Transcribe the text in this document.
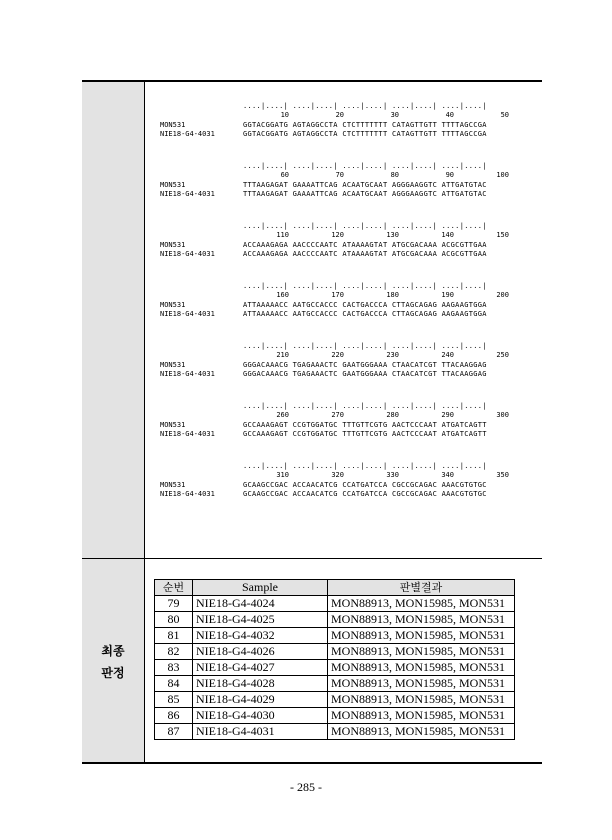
최종
판정
....|....| ....|....| ....|....| ....|....| ....|....|
10	20	30	40	50
MON531	GGTACGGATG AGTAGGCCTA CTCTTTTTTT CATAGTTGTT TTTTAGCCGA
NIE18-G4-4031	GGTACGGATG AGTAGGCCTA CTCTTTTTTT CATAGTTGTT TTTTAGCCGA
....|....| ....|....| ....|....| ....|....| ....|....|
60	70	80	90	100
MON531	TTTAAGAGAT GAAAATTCAG ACAATGCAAT AGGGAAGGTC ATTGATGTAC
NIE18-G4-4031	TTTAAGAGAT GAAAATTCAG ACAATGCAAT AGGGAAGGTC ATTGATGTAC
....|....| ....|....| ....|....| ....|....| ....|....|
110	120	130	140	150
MON531	ACCAAAGAGA AACCCCAATC ATAAAAGTAT ATGCGACAAA ACGCGTTGAA
NIE18-G4-4031	ACCAAAGAGA AACCCCAATC ATAAAAGTAT ATGCGACAAA ACGCGTTGAA
....|....| ....|....| ....|....| ....|....| ....|....|
160	170	180	190	200
MON531	ATTAAAAACC AATGCCACCC CACTGACCCA CTTAGCAGAG AAGAAGTGGA
NIE18-G4-4031	ATTAAAAACC AATGCCACCC CACTGACCCA CTTAGCAGAG AAGAAGTGGA
....|....| ....|....| ....|....| ....|....| ....|....|
210	220	230	240	250
MON531	GGGACAAACG TGAGAAACTC GAATGGGAAA CTAACATCGT TTACAAGGAG
NIE18-G4-4031	GGGACAAACG TGAGAAACTC GAATGGGAAA CTAACATCGT TTACAAGGAG
....|....| ....|....| ....|....| ....|....| ....|....|
260	270	280	290	300
MON531	GCCAAAGAGT CCGTGGATGC TTTGTTCGTG AACTCCCAAT ATGATCAGTT
NIE18-G4-4031	GCCAAAGAGT CCGTGGATGC TTTGTTCGTG AACTCCCAAT ATGATCAGTT
....|....| ....|....| ....|....| ....|....| ....|....|
310	320	330	340	350
MON531	GCAAGCCGAC ACCAACATCG CCATGATCCA CGCCGCAGAC AAACGTGTGC
NIE18-G4-4031	GCAAGCCGAC ACCAACATCG CCATGATCCA CGCCGCAGAC AAACGTGTGC
순번	Sample	판별결과
79	NIE18-G4-4024	MON88913, MON15985, MON531
80	NIE18-G4-4025	MON88913, MON15985, MON531
81	NIE18-G4-4032	MON88913, MON15985, MON531
82	NIE18-G4-4026	MON88913, MON15985, MON531
83	NIE18-G4-4027	MON88913, MON15985, MON531
84	NIE18-G4-4028	MON88913, MON15985, MON531
85	NIE18-G4-4029	MON88913, MON15985, MON531
86	NIE18-G4-4030	MON88913, MON15985, MON531
87	NIE18-G4-4031	MON88913, MON15985, MON531
- 285 -
